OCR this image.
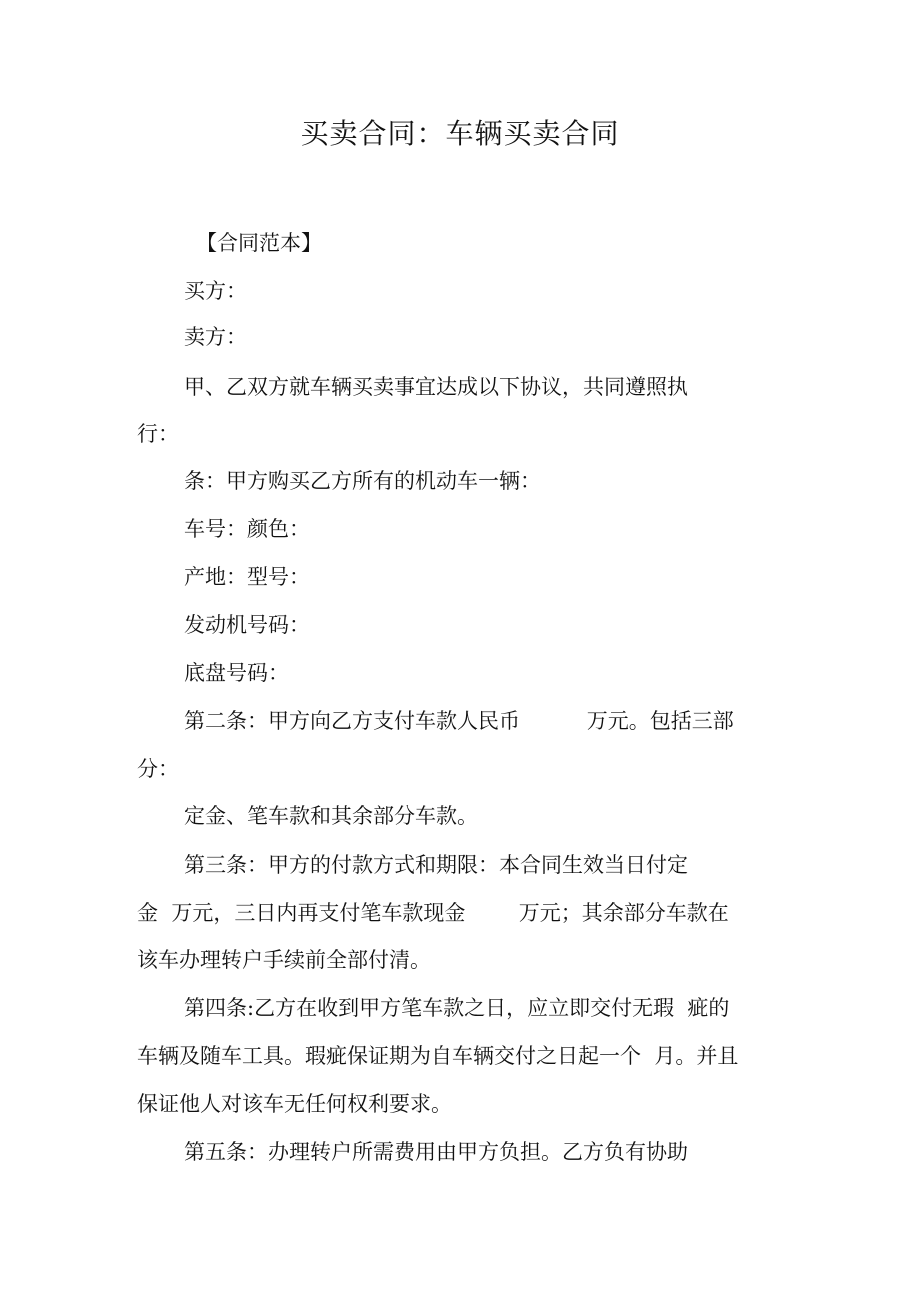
买卖合同：车辆买卖合同
【合同范本】
买方：
卖方：
甲、乙双方就车辆买卖事宜达成以下协议，共同遵照执
行：
条：甲方购买乙方所有的机动车一辆：
车号：颜色：
产地：型号：
发动机号码：
底盘号码：
第二条：甲方向乙方支付车款人民币          万元。包括三部
分：
定金、笔车款和其余部分车款。
第三条：甲方的付款方式和期限：本合同生效当日付定
金  万元，三日内再支付笔车款现金        万元；其余部分车款在
该车办理转户手续前全部付清。
第四条:乙方在收到甲方笔车款之日，应立即交付无瑕  疵的
车辆及随车工具。瑕疵保证期为自车辆交付之日起一个  月。并且
保证他人对该车无任何权利要求。
第五条：办理转户所需费用由甲方负担。乙方负有协助
